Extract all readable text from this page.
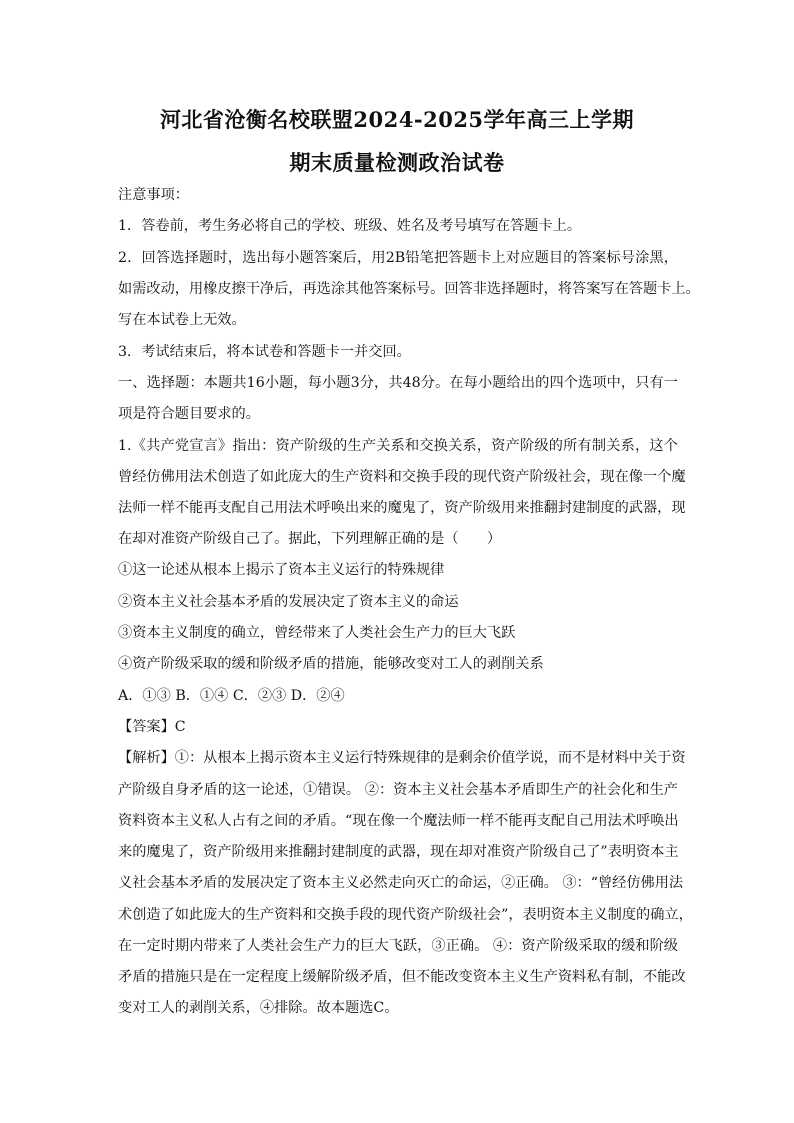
河北省沧衡名校联盟2024-2025学年高三上学期
期末质量检测政治试卷
注意事项：
1．答卷前，考生务必将自己的学校、班级、姓名及考号填写在答题卡上。
2．回答选择题时，选出每小题答案后，用2B铅笔把答题卡上对应题目的答案标号涂黑，
如需改动，用橡皮擦干净后，再选涂其他答案标号。回答非选择题时，将答案写在答题卡上。
写在本试卷上无效。
3．考试结束后，将本试卷和答题卡一并交回。
一、选择题：本题共16小题，每小题3分，共48分。在每小题给出的四个选项中，只有一
项是符合题目要求的。
1.《共产党宣言》指出：资产阶级的生产关系和交换关系，资产阶级的所有制关系，这个
曾经仿佛用法术创造了如此庞大的生产资料和交换手段的现代资产阶级社会，现在像一个魔
法师一样不能再支配自己用法术呼唤出来的魔鬼了，资产阶级用来推翻封建制度的武器，现
在却对准资产阶级自己了。据此，下列理解正确的是（　　）
①这一论述从根本上揭示了资本主义运行的特殊规律
②资本主义社会基本矛盾的发展决定了资本主义的命运
③资本主义制度的确立，曾经带来了人类社会生产力的巨大飞跃
④资产阶级采取的缓和阶级矛盾的措施，能够改变对工人的剥削关系
A．①③ B．①④ C．②③ D．②④
【答案】C
【解析】①：从根本上揭示资本主义运行特殊规律的是剩余价值学说，而不是材料中关于资
产阶级自身矛盾的这一论述，①错误。 ②：资本主义社会基本矛盾即生产的社会化和生产
资料资本主义私人占有之间的矛盾。“现在像一个魔法师一样不能再支配自己用法术呼唤出
来的魔鬼了，资产阶级用来推翻封建制度的武器，现在却对准资产阶级自己了”表明资本主
义社会基本矛盾的发展决定了资本主义必然走向灭亡的命运，②正确。 ③：“曾经仿佛用法
术创造了如此庞大的生产资料和交换手段的现代资产阶级社会”，表明资本主义制度的确立，
在一定时期内带来了人类社会生产力的巨大飞跃，③正确。 ④：资产阶级采取的缓和阶级
矛盾的措施只是在一定程度上缓解阶级矛盾，但不能改变资本主义生产资料私有制，不能改
变对工人的剥削关系，④排除。故本题选C。
